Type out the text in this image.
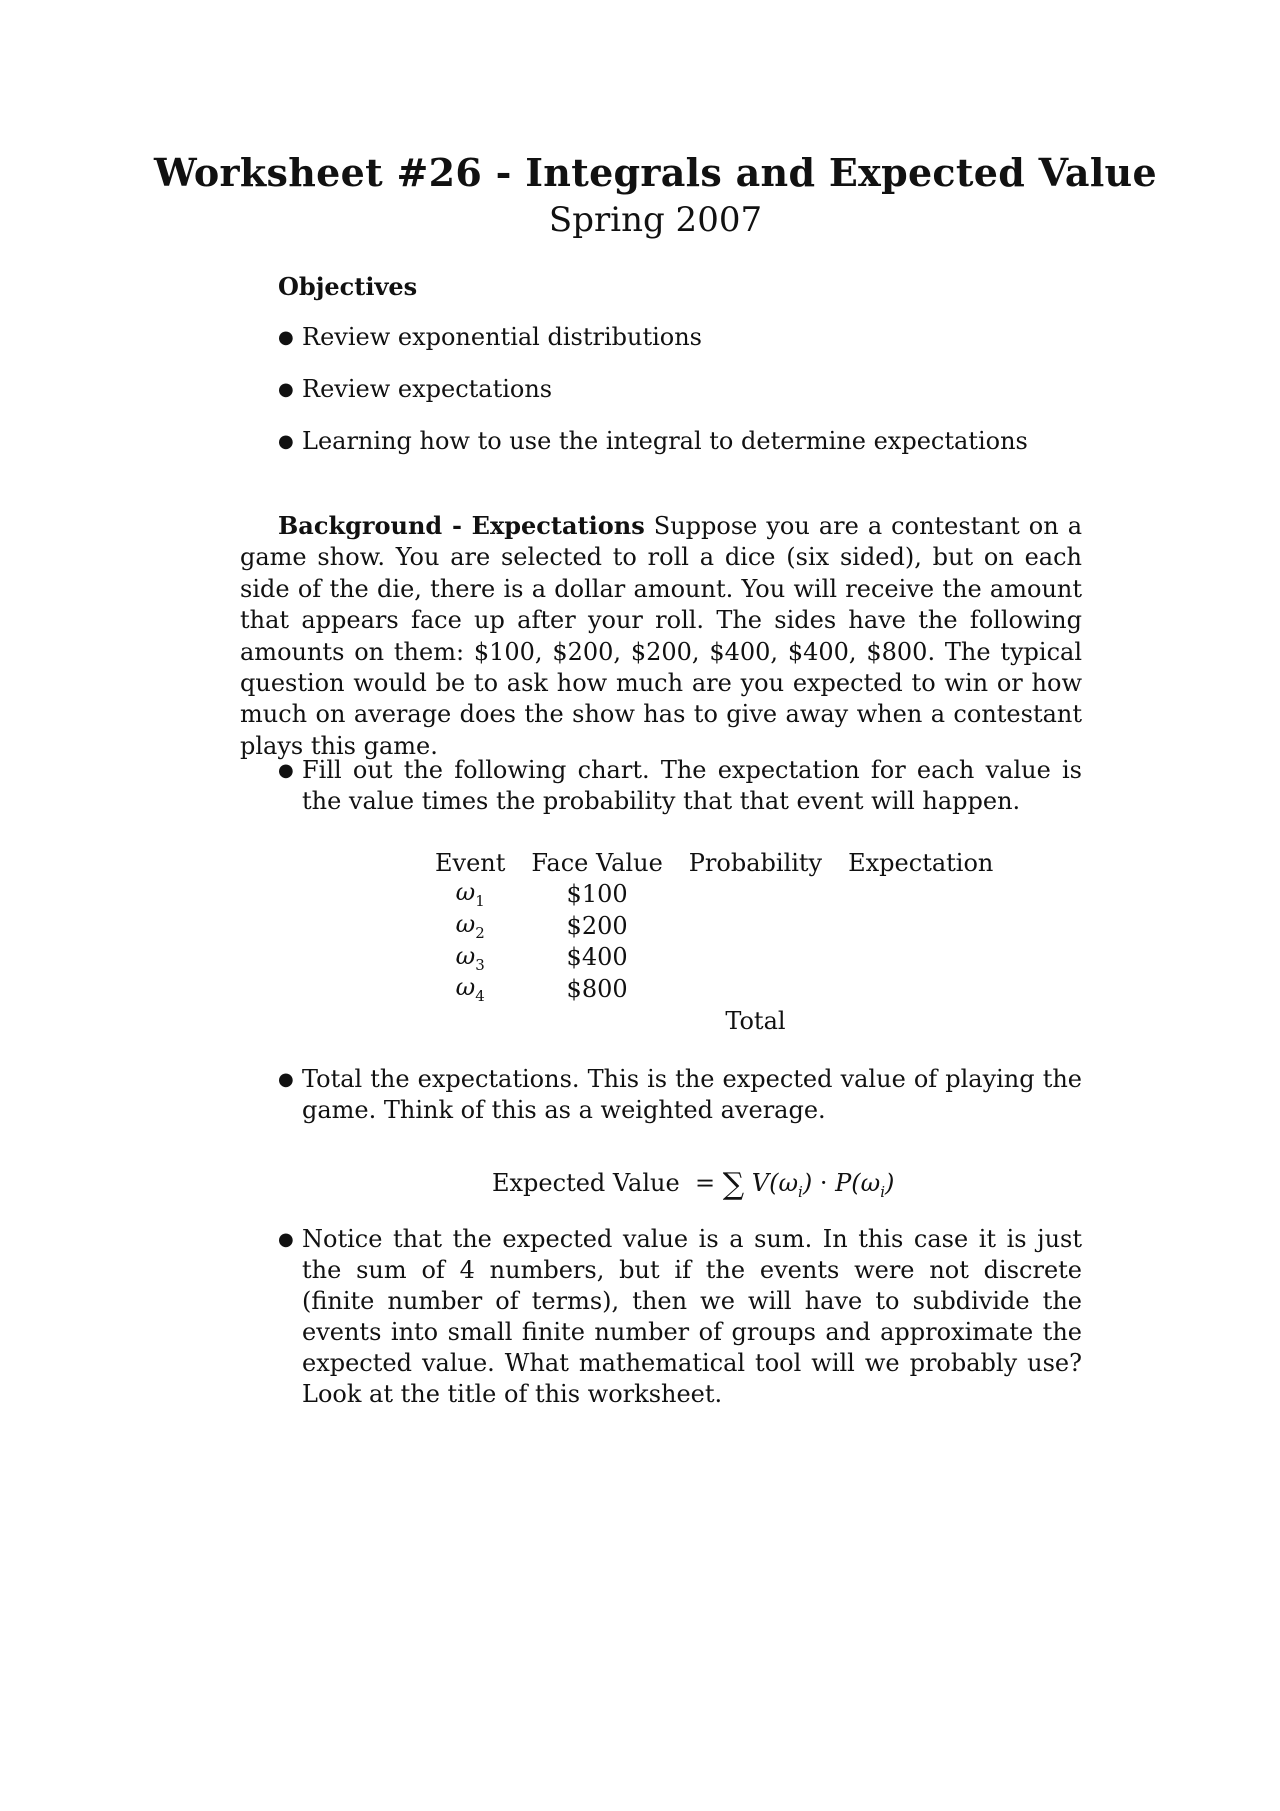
Worksheet #26 - Integrals and Expected Value
Spring 2007
Objectives
● Review exponential distributions
● Review expectations
● Learning how to use the integral to determine expectations
Background - Expectations Suppose you are a contestant on a game show. You are selected to roll a dice (six sided), but on each side of the die, there is a dollar amount. You will receive the amount that appears face up after your roll. The sides have the following amounts on them: $100, $200, $200, $400, $400, $800. The typical question would be to ask how much are you expected to win or how much on average does the show has to give away when a contestant plays this game.
● Fill out the following chart. The expectation for each value is the value times the probability that that event will happen.
Event	Face Value	Probability	Expectation
$\omega_1$	$100		
$\omega_2$	$200		
$\omega_3$	$400		
$\omega_4$	$800		
		Total	
● Total the expectations. This is the expected value of playing the game. Think of this as a weighted average.
Expected Value = ∑ $V(\omega_i) \cdot P(\omega_i)$
● Notice that the expected value is a sum. In this case it is just the sum of 4 numbers, but if the events were not discrete (finite number of terms), then we will have to subdivide the events into small finite number of groups and approximate the expected value. What mathematical tool will we probably use? Look at the title of this worksheet.
